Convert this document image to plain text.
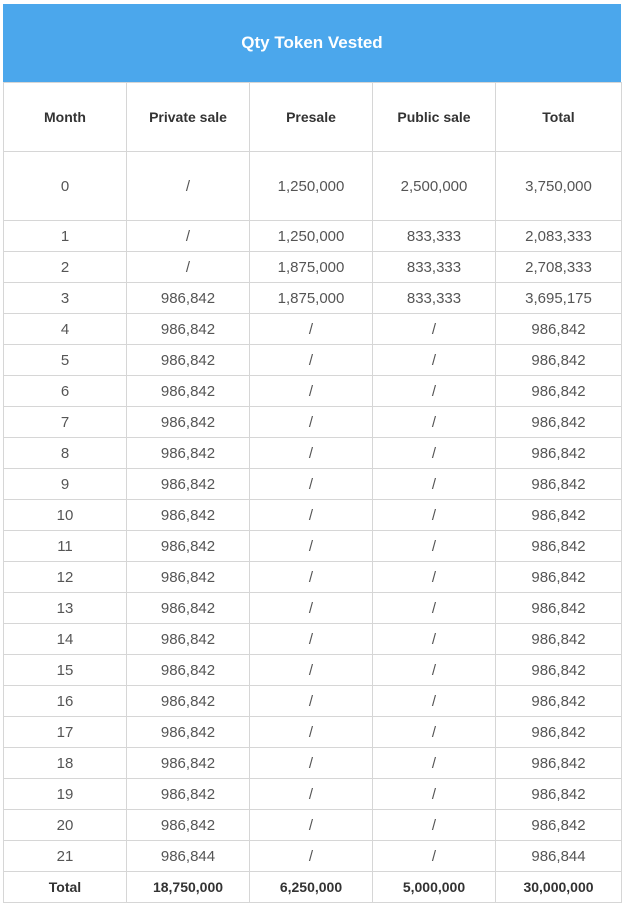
Qty Token Vested
Month	Private sale	Presale	Public sale	Total
0	/	1,250,000	2,500,000	3,750,000
1	/	1,250,000	833,333	2,083,333
2	/	1,875,000	833,333	2,708,333
3	986,842	1,875,000	833,333	3,695,175
4	986,842	/	/	986,842
5	986,842	/	/	986,842
6	986,842	/	/	986,842
7	986,842	/	/	986,842
8	986,842	/	/	986,842
9	986,842	/	/	986,842
10	986,842	/	/	986,842
11	986,842	/	/	986,842
12	986,842	/	/	986,842
13	986,842	/	/	986,842
14	986,842	/	/	986,842
15	986,842	/	/	986,842
16	986,842	/	/	986,842
17	986,842	/	/	986,842
18	986,842	/	/	986,842
19	986,842	/	/	986,842
20	986,842	/	/	986,842
21	986,844	/	/	986,844
Total	18,750,000	6,250,000	5,000,000	30,000,000
